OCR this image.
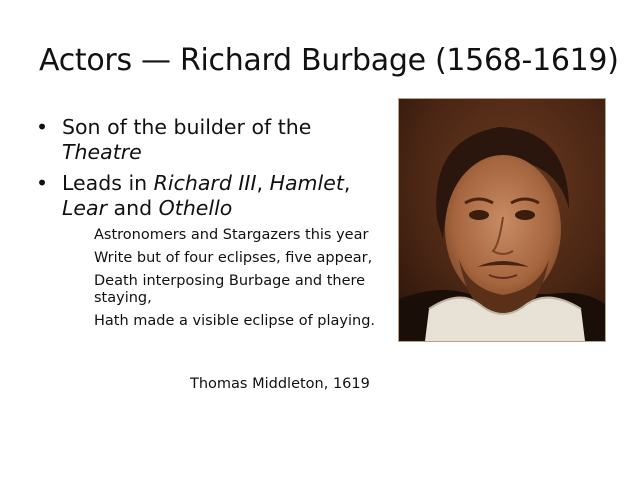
Actors — Richard Burbage (1568-1619)
• Son of the builder of the
Theatre
• Leads in Richard III, Hamlet,
Lear and Othello
Astronomers and Stargazers this year
Write but of four eclipses, five appear,
Death interposing Burbage and there staying,
Hath made a visible eclipse of playing.
Thomas Middleton, 1619
